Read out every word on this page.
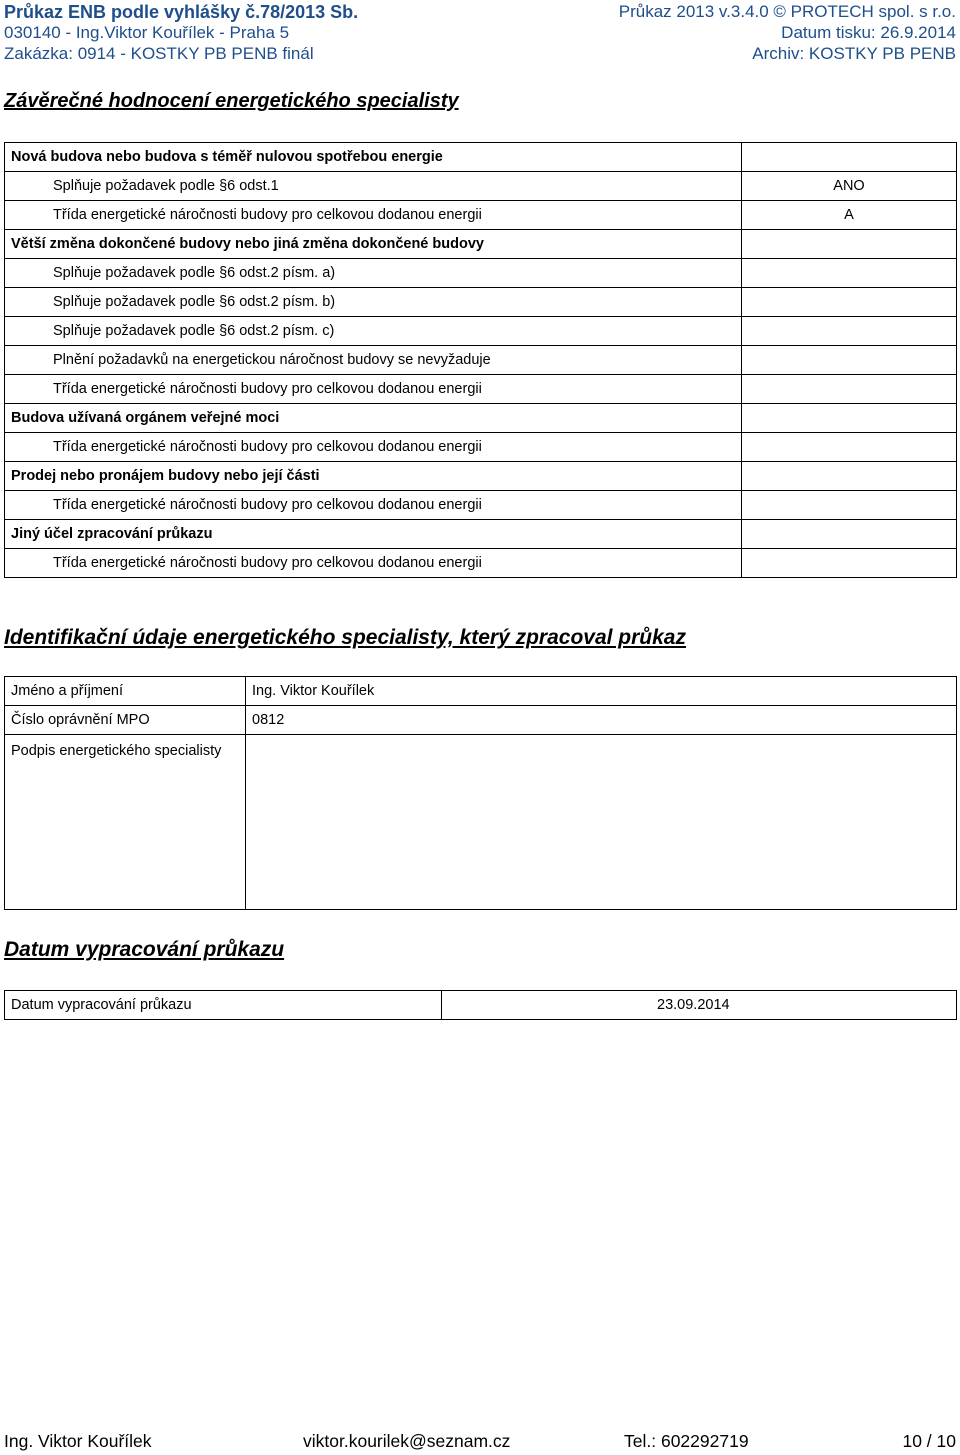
Průkaz ENB podle vyhlášky č.78/2013 Sb.	Průkaz 2013 v.3.4.0 © PROTECH spol. s r.o.
030140 - Ing.Viktor Kouřílek - Praha 5	Datum tisku: 26.9.2014
Zakázka: 0914 - KOSTKY PB PENB finál	Archiv: KOSTKY PB PENB
Závěrečné hodnocení energetického specialisty
Nová budova nebo budova s téměř nulovou spotřebou energie	
Splňuje požadavek podle §6 odst.1	ANO
Třída energetické náročnosti budovy pro celkovou dodanou energii	A
Větší změna dokončené budovy nebo jiná změna dokončené budovy	
Splňuje požadavek podle §6 odst.2 písm. a)	
Splňuje požadavek podle §6 odst.2 písm. b)	
Splňuje požadavek podle §6 odst.2 písm. c)	
Plnění požadavků na energetickou náročnost budovy se nevyžaduje	
Třída energetické náročnosti budovy pro celkovou dodanou energii	
Budova užívaná orgánem veřejné moci	
Třída energetické náročnosti budovy pro celkovou dodanou energii	
Prodej nebo pronájem budovy nebo její části	
Třída energetické náročnosti budovy pro celkovou dodanou energii	
Jiný účel zpracování průkazu	
Třída energetické náročnosti budovy pro celkovou dodanou energii	
Identifikační údaje energetického specialisty, který zpracoval průkaz
Jméno a příjmení	Ing. Viktor Kouřílek
Číslo oprávnění MPO	0812
Podpis energetického specialisty	
Datum vypracování průkazu
Datum vypracování průkazu	23.09.2014
Ing. Viktor Kouřílek	viktor.kourilek@seznam.cz	Tel.: 602292719	10 / 10
